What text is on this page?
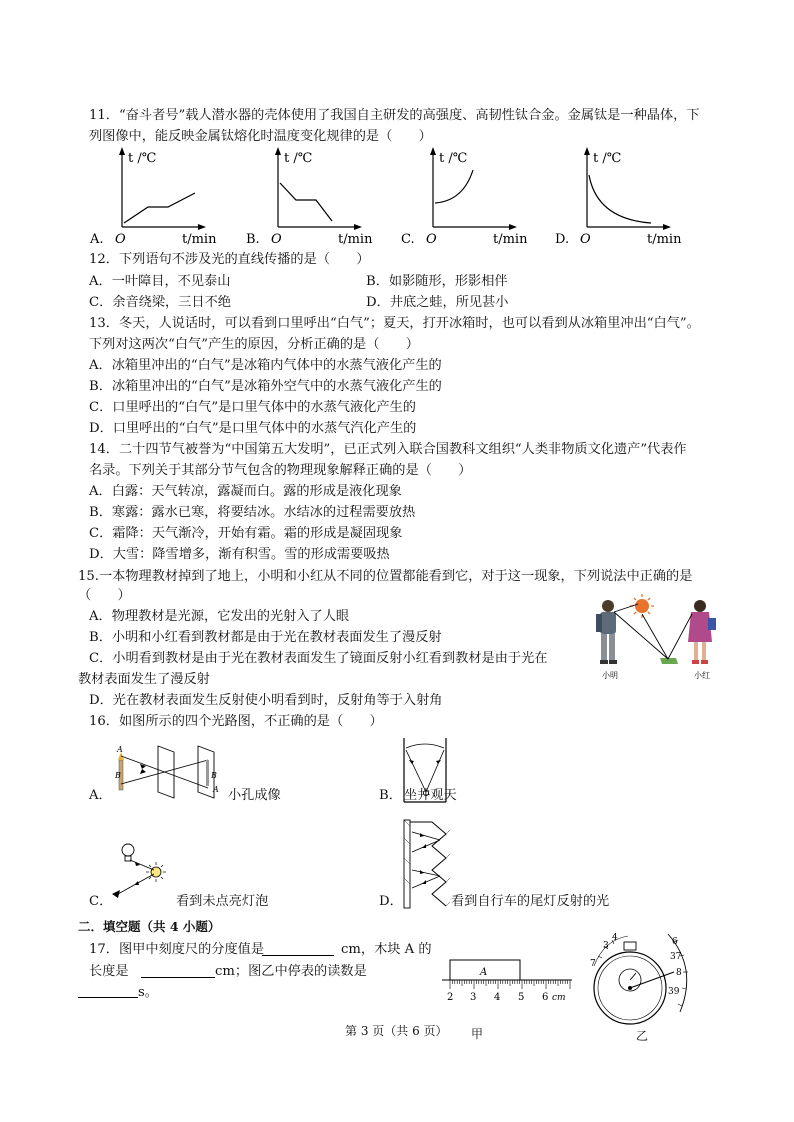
11．“奋斗者号”载人潜水器的壳体使用了我国自主研发的高强度、高韧性钛合金。金属钛是一种晶体，下
列图像中，能反映金属钛熔化时温度变化规律的是（　　）
t /℃
O	t/min
A.
t /℃
O	t/min
B.
t /℃
O	t/min
C.
t /℃
O	t/min
D.
12．下列语句不涉及光的直线传播的是（　　）
A．一叶障目，不见泰山	B．如影随形，形影相伴
C．余音绕梁，三日不绝	D．井底之蛙，所见甚小
13．冬天，人说话时，可以看到口里呼出“白气”；夏天，打开冰箱时，也可以看到从冰箱里冲出“白气”。
下列对这两次“白气”产生的原因，分析正确的是（　　）
A．冰箱里冲出的“白气”是冰箱内气体中的水蒸气液化产生的
B．冰箱里冲出的“白气”是冰箱外空气中的水蒸气液化产生的
C．口里呼出的“白气”是口里气体中的水蒸气液化产生的
D．口里呼出的“白气”是口里气体中的水蒸气汽化产生的
14．二十四节气被誉为“中国第五大发明”，已正式列入联合国教科文组织“人类非物质文化遗产”代表作
名录。下列关于其部分节气包含的物理现象解释正确的是（　　）
A．白露：天气转凉，露凝而白。露的形成是液化现象
B．寒露：露水已寒，将要结冰。水结冰的过程需要放热
C．霜降：天气渐冷，开始有霜。霜的形成是凝固现象
D．大雪：降雪增多，渐有积雪。雪的形成需要吸热
15.一本物理教材掉到了地上，小明和小红从不同的位置都能看到它，对于这一现象，下列说法中正确的是
（　　）
A．物理教材是光源，它发出的光射入了人眼
B．小明和小红看到教材都是由于光在教材表面发生了漫反射
C．小明看到教材是由于光在教材表面发生了镜面反射小红看到教材是由于光在
教材表面发生了漫反射
D．光在教材表面发生反射使小明看到时，反射角等于入射角
小明	小红
16．如图所示的四个光路图，不正确的是（　　）
A．
A
B	B
A 小孔成像	B． 坐井观天
C．	看到未点亮灯泡	D．	看到自行车的尾灯反射的光
二．填空题（共 4 小题）
17．图甲中刻度尺的分度值是	cm，木块 A 的
长度是	cm；图乙中停表的读数是
s。
A
2 3 4 5 6 cm
甲
4
3
7
6
37
8
39
乙
第 3 页（共 6 页）
